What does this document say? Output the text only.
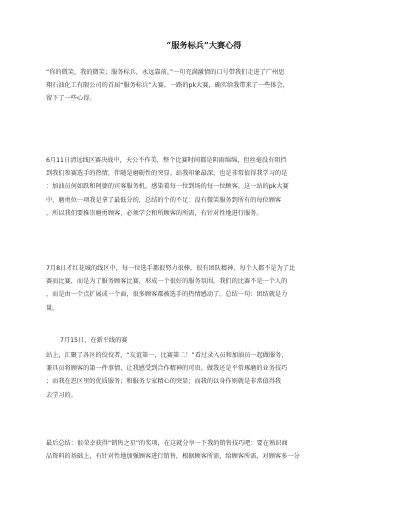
“服务标兵”大赛心得

“你的微笑，我的微笑；服务标兵，永远靠前。”一句充满激情的口号带我们走进了广州思

翔石油化工有限公司的首届“服务标兵”大赛。一路的pk大赛，确实给我带来了一些体会，

留下了一些心得。

6月11日清远线区赛决战中，天公不作美，整个比赛时间都是阴雨绵绵，但丝毫没有阻挡

到我们参赛选手的热情，伴随是磨砺性的突显。站我印象最深，也是非常值得我学习的是

：加油员何如跃和阿婆的宾客服务机，感染着每一位到场的每一位顾客。这一站的pk大赛

中，磨勇位一项我是拿了最低分的，总结的个的不足：没有微笑服务到所有的每位顾客

，所以我们要推崇磨勇顾客，必须学会和所顾客的所需，有针对性地进行服务。

7月8日才红花城的线区中，每一位选手都很努力很棒，很有团队精神，每个人都不是为了比

赛而比赛，而是为了服务顾客比赛，形成一个很好的服务氛围。我们的比赛不是一个人的

，而是由一个点扩展成一个面，很多顾客都被选手的热情感动了。总结一句：团结就是力

量。

7月15日，在新平线的赛

站上，汇聚了各区的佼佼者，“友谊第一，比赛第二！”看过录入员和加油员一起做服务，

兼具员将顾客的第一件事情，让我感受到合作精神的可贵。做我还是平常琢磨的业务技巧

；而我在思区里的优质服务；和服务专家精心的突显；而我的以身作则就是非常值得我

去学习的。

最后总结：很荣幸获得“销售之星”的奖项，在这就分享一下我的销售技巧吧：要在熟识商

品资料的基础上，有针对性地加强顾客进行销售，根据顾客所需，给顾客所需，对顾客多一分
